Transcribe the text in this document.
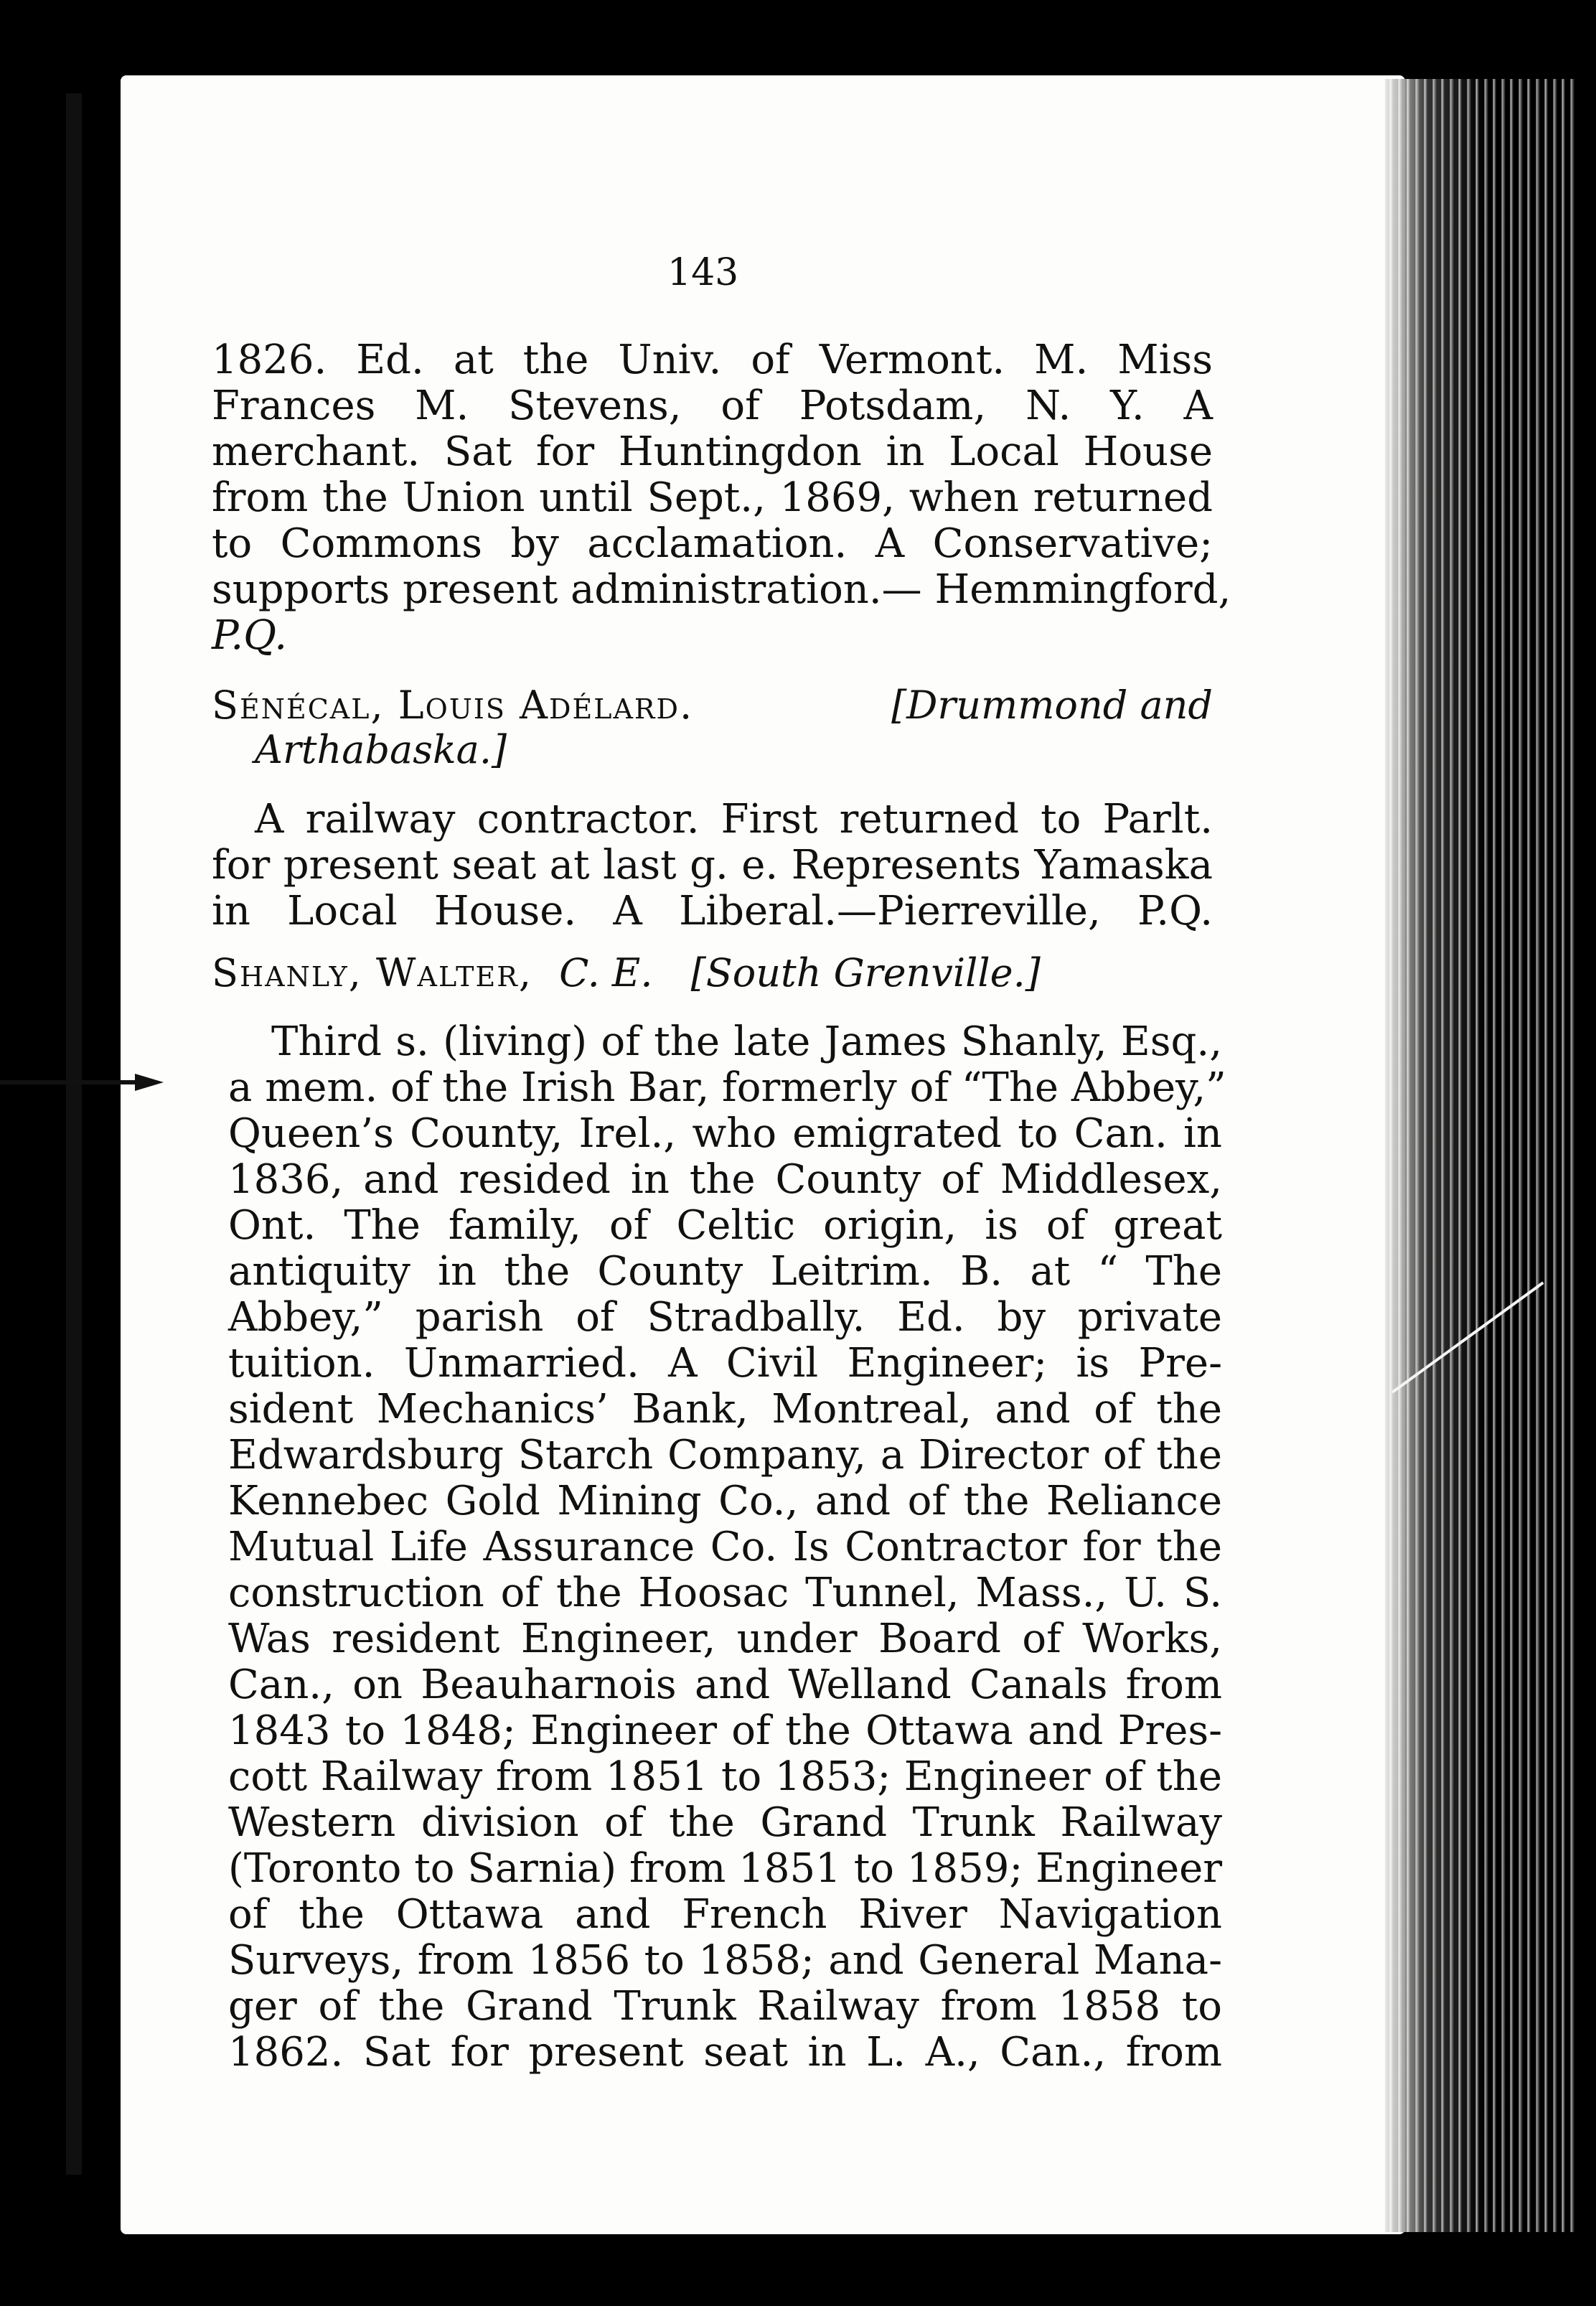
143
1826. Ed. at the Univ. of Vermont. M. Miss
Frances M. Stevens, of Potsdam, N. Y. A
merchant. Sat for Huntingdon in Local House
from the Union until Sept., 1869, when returned
to Commons by acclamation. A Conservative;
supports present administration.— Hemmingford,
P.Q.
Sénécal, Louis Adélard.	[Drummond and
Arthabaska.]
A railway contractor. First returned to Parlt.
for present seat at last g. e. Represents Yamaska
in Local House. A Liberal.—Pierreville, P.Q.
Shanly, Walter, C. E. [South Grenville.]
Third s. (living) of the late James Shanly, Esq.,
a mem. of the Irish Bar, formerly of “The Abbey,”
Queen’s County, Irel., who emigrated to Can. in
1836, and resided in the County of Middlesex,
Ont. The family, of Celtic origin, is of great
antiquity in the County Leitrim. B. at “ The
Abbey,” parish of Stradbally. Ed. by private
tuition. Unmarried. A Civil Engineer; is Pre-
sident Mechanics’ Bank, Montreal, and of the
Edwardsburg Starch Company, a Director of the
Kennebec Gold Mining Co., and of the Reliance
Mutual Life Assurance Co. Is Contractor for the
construction of the Hoosac Tunnel, Mass., U. S.
Was resident Engineer, under Board of Works,
Can., on Beauharnois and Welland Canals from
1843 to 1848; Engineer of the Ottawa and Pres-
cott Railway from 1851 to 1853; Engineer of the
Western division of the Grand Trunk Railway
(Toronto to Sarnia) from 1851 to 1859; Engineer
of the Ottawa and French River Navigation
Surveys, from 1856 to 1858; and General Mana-
ger of the Grand Trunk Railway from 1858 to
1862. Sat for present seat in L. A., Can., from
